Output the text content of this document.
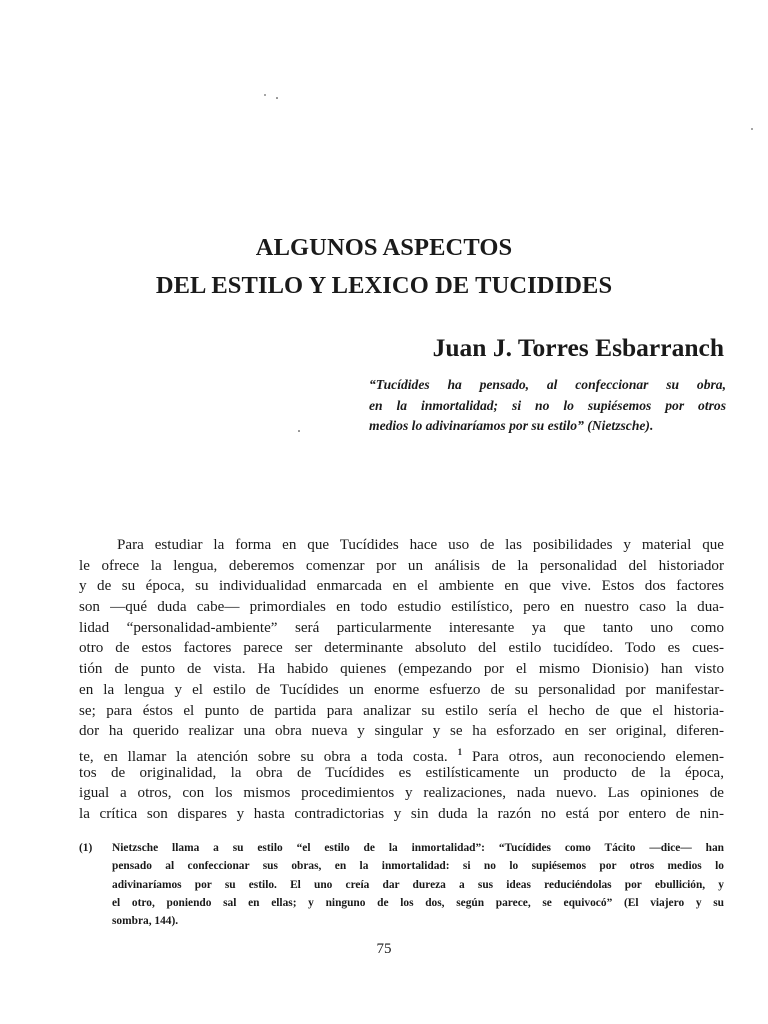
ALGUNOS ASPECTOS
DEL ESTILO Y LEXICO DE TUCIDIDES

Juan J. Torres Esbarranch

“Tucídides ha pensado, al confeccionar su obra,
en la inmortalidad; si no lo supiésemos por otros
medios lo adivinaríamos por su estilo” (Nietzsche).

Para estudiar la forma en que Tucídides hace uso de las posibilidades y material que
le ofrece la lengua, deberemos comenzar por un análisis de la personalidad del historiador
y de su época, su individualidad enmarcada en el ambiente en que vive. Estos dos factores
son —qué duda cabe— primordiales en todo estudio estilístico, pero en nuestro caso la dua-
lidad “personalidad-ambiente” será particularmente interesante ya que tanto uno como
otro de estos factores parece ser determinante absoluto del estilo tucidídeo. Todo es cues-
tión de punto de vista. Ha habido quienes (empezando por el mismo Dionisio) han visto
en la lengua y el estilo de Tucídides un enorme esfuerzo de su personalidad por manifestar-
se; para éstos el punto de partida para analizar su estilo sería el hecho de que el historia-
dor ha querido realizar una obra nueva y singular y se ha esforzado en ser original, diferen-
te, en llamar la atención sobre su obra a toda costa. $^1$ Para otros, aun reconociendo elemen-
tos de originalidad, la obra de Tucídides es estilísticamente un producto de la época,
igual a otros, con los mismos procedimientos y realizaciones, nada nuevo. Las opiniones de
la crítica son dispares y hasta contradictorias y sin duda la razón no está por entero de nin-
(1) Nietzsche llama a su estilo “el estilo de la inmortalidad”: “Tucídides como Tácito —dice— han
pensado al confeccionar sus obras, en la inmortalidad: si no lo supiésemos por otros medios lo
adivinaríamos por su estilo. El uno creía dar dureza a sus ideas reduciéndolas por ebullición, y
el otro, poniendo sal en ellas; y ninguno de los dos, según parece, se equivocó” (El viajero y su
sombra, 144).

75
